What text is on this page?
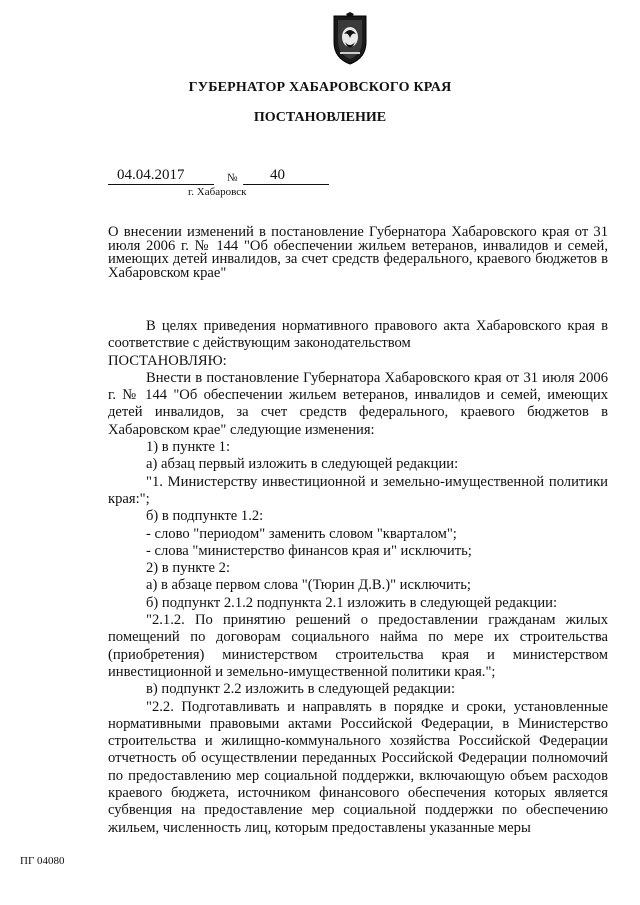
ГУБЕРНАТОР ХАБАРОВСКОГО КРАЯ
ПОСТАНОВЛЕНИЕ
04.04.2017	№ 40
г. Хабаровск
О внесении изменений в постановление Губернатора Хабаровского края от 31 июля 2006 г. № 144 "Об обеспечении жильем ветеранов, инвалидов и семей, имеющих детей инвалидов, за счет средств федерального, краевого бюджетов в Хабаровском крае"

В целях приведения нормативного правового акта Хабаровского края в соответствие с действующим законодательством

ПОСТАНОВЛЯЮ:

Внести в постановление Губернатора Хабаровского края от 31 июля 2006 г. № 144 "Об обеспечении жильем ветеранов, инвалидов и семей, имеющих детей инвалидов, за счет средств федерального, краевого бюджетов в Хабаровском крае" следующие изменения:

1) в пункте 1:

а) абзац первый изложить в следующей редакции:

"1. Министерству инвестиционной и земельно-имущественной политики края:";

б) в подпункте 1.2:

- слово "периодом" заменить словом "кварталом";

- слова "министерство финансов края и" исключить;

2) в пункте 2:

а) в абзаце первом слова "(Тюрин Д.В.)" исключить;

б) подпункт 2.1.2 подпункта 2.1 изложить в следующей редакции:

"2.1.2. По принятию решений о предоставлении гражданам жилых помещений по договорам социального найма по мере их строительства (приобретения) министерством строительства края и министерством инвестиционной и земельно-имущественной политики края.";

в) подпункт 2.2 изложить в следующей редакции:

"2.2. Подготавливать и направлять в порядке и сроки, установленные нормативными правовыми актами Российской Федерации, в Министерство строительства и жилищно-коммунального хозяйства Российской Федерации отчетность об осуществлении переданных Российской Федерации полномочий по предоставлению мер социальной поддержки, включающую объем расходов краевого бюджета, источником финансового обеспечения которых является субвенция на предоставление мер социальной поддержки по обеспечению жильем, численность лиц, которым предоставлены указанные меры

ПГ 04080
